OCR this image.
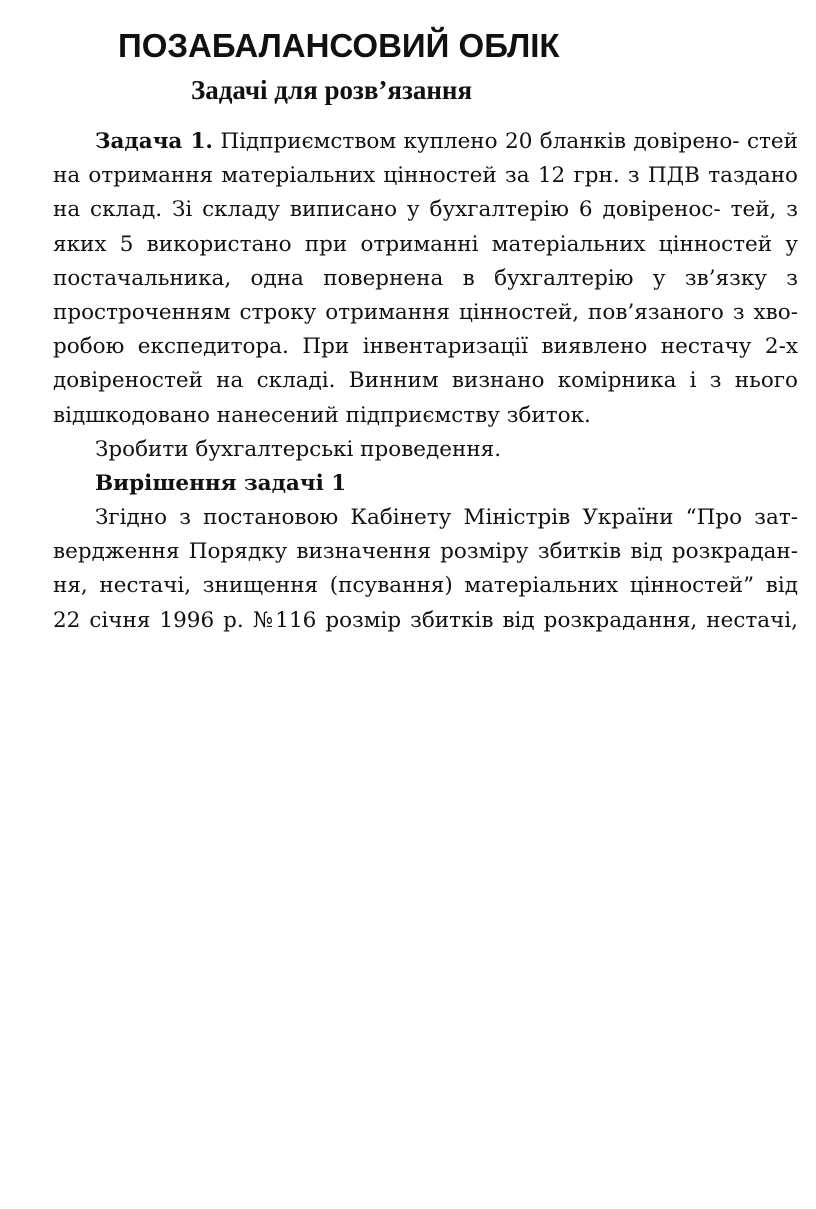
ПОЗАБАЛАНСОВИЙ ОБЛІК
Задачі для розв’язання
Задача 1. Підприємством куплено 20 бланків довірено- стей
на отримання матеріальних цінностей за 12 грн. з ПДВ таздано
на склад. Зі складу виписано у бухгалтерію 6 довіренос- тей, з
яких 5 використано при отриманні матеріальних цінностей у
постачальника, одна повернена в бухгалтерію у зв’язку з
простроченням строку отримання цінностей, пов’язаного з хво-
робою експедитора. При інвентаризації виявлено нестачу 2-х
довіреностей на складі. Винним визнано комірника і з нього
відшкодовано нанесений підприємству збиток.
Зробити бухгалтерські проведення.
Вирішення задачі 1
Згідно з постановою Кабінету Міністрів України “Про зат-
вердження Порядку визначення розміру збитків від розкрадан-
ня, нестачі, знищення (псування) матеріальних цінностей” від
22 січня 1996 р. №116 розмір збитків від розкрадання, нестачі,
